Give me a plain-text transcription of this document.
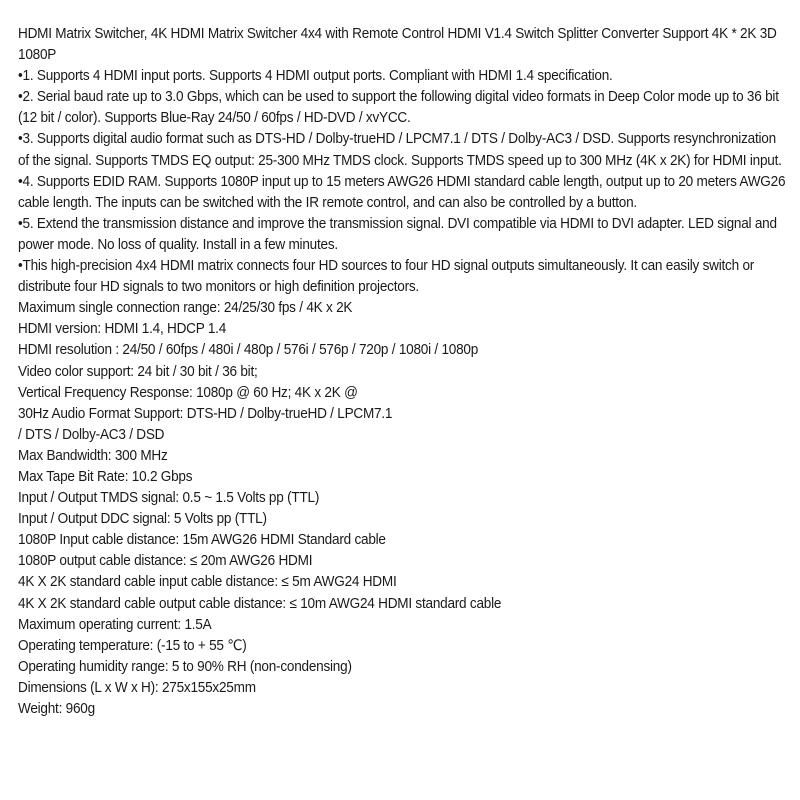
HDMI Matrix Switcher, 4K HDMI Matrix Switcher 4x4 with Remote Control HDMI V1.4 Switch Splitter Converter Support 4K * 2K 3D 1080P

•1. Supports 4 HDMI input ports. Supports 4 HDMI output ports. Compliant with HDMI 1.4 specification.

•2. Serial baud rate up to 3.0 Gbps, which can be used to support the following digital video formats in Deep Color mode up to 36 bit (12 bit / color). Supports Blue-Ray 24/50 / 60fps / HD-DVD / xvYCC.

•3. Supports digital audio format such as DTS-HD / Dolby-trueHD / LPCM7.1 / DTS / Dolby-AC3 / DSD. Supports resynchronization of the signal. Supports TMDS EQ output: 25-300 MHz TMDS clock. Supports TMDS speed up to 300 MHz (4K x 2K) for HDMI input.

•4. Supports EDID RAM. Supports 1080P input up to 15 meters AWG26 HDMI standard cable length, output up to 20 meters AWG26 cable length. The inputs can be switched with the IR remote control, and can also be controlled by a button.

•5. Extend the transmission distance and improve the transmission signal. DVI compatible via HDMI to DVI adapter. LED signal and power mode. No loss of quality. Install in a few minutes.

•This high-precision 4x4 HDMI matrix connects four HD sources to four HD signal outputs simultaneously. It can easily switch or distribute four HD signals to two monitors or high definition projectors.

Maximum single connection range: 24/25/30 fps / 4K x 2K

HDMI version: HDMI 1.4, HDCP 1.4

HDMI resolution : 24/50 / 60fps / 480i / 480p / 576i / 576p / 720p / 1080i / 1080p

Video color support: 24 bit / 30 bit / 36 bit;

Vertical Frequency Response: 1080p @ 60 Hz; 4K x 2K @

30Hz Audio Format Support: DTS-HD / Dolby-trueHD / LPCM7.1

/ DTS / Dolby-AC3 / DSD

Max Bandwidth: 300 MHz

Max Tape Bit Rate: 10.2 Gbps

Input / Output TMDS signal: 0.5 ~ 1.5 Volts pp (TTL)

Input / Output DDC signal: 5 Volts pp (TTL)

1080P Input cable distance: 15m AWG26 HDMI Standard cable

1080P output cable distance: ≤ 20m AWG26 HDMI

4K X 2K standard cable input cable distance: ≤ 5m AWG24 HDMI

4K X 2K standard cable output cable distance: ≤ 10m AWG24 HDMI standard cable

Maximum operating current: 1.5A

Operating temperature: (-15 to + 55 ℃)

Operating humidity range: 5 to 90% RH (non-condensing)

Dimensions (L x W x H): 275x155x25mm

Weight: 960g
